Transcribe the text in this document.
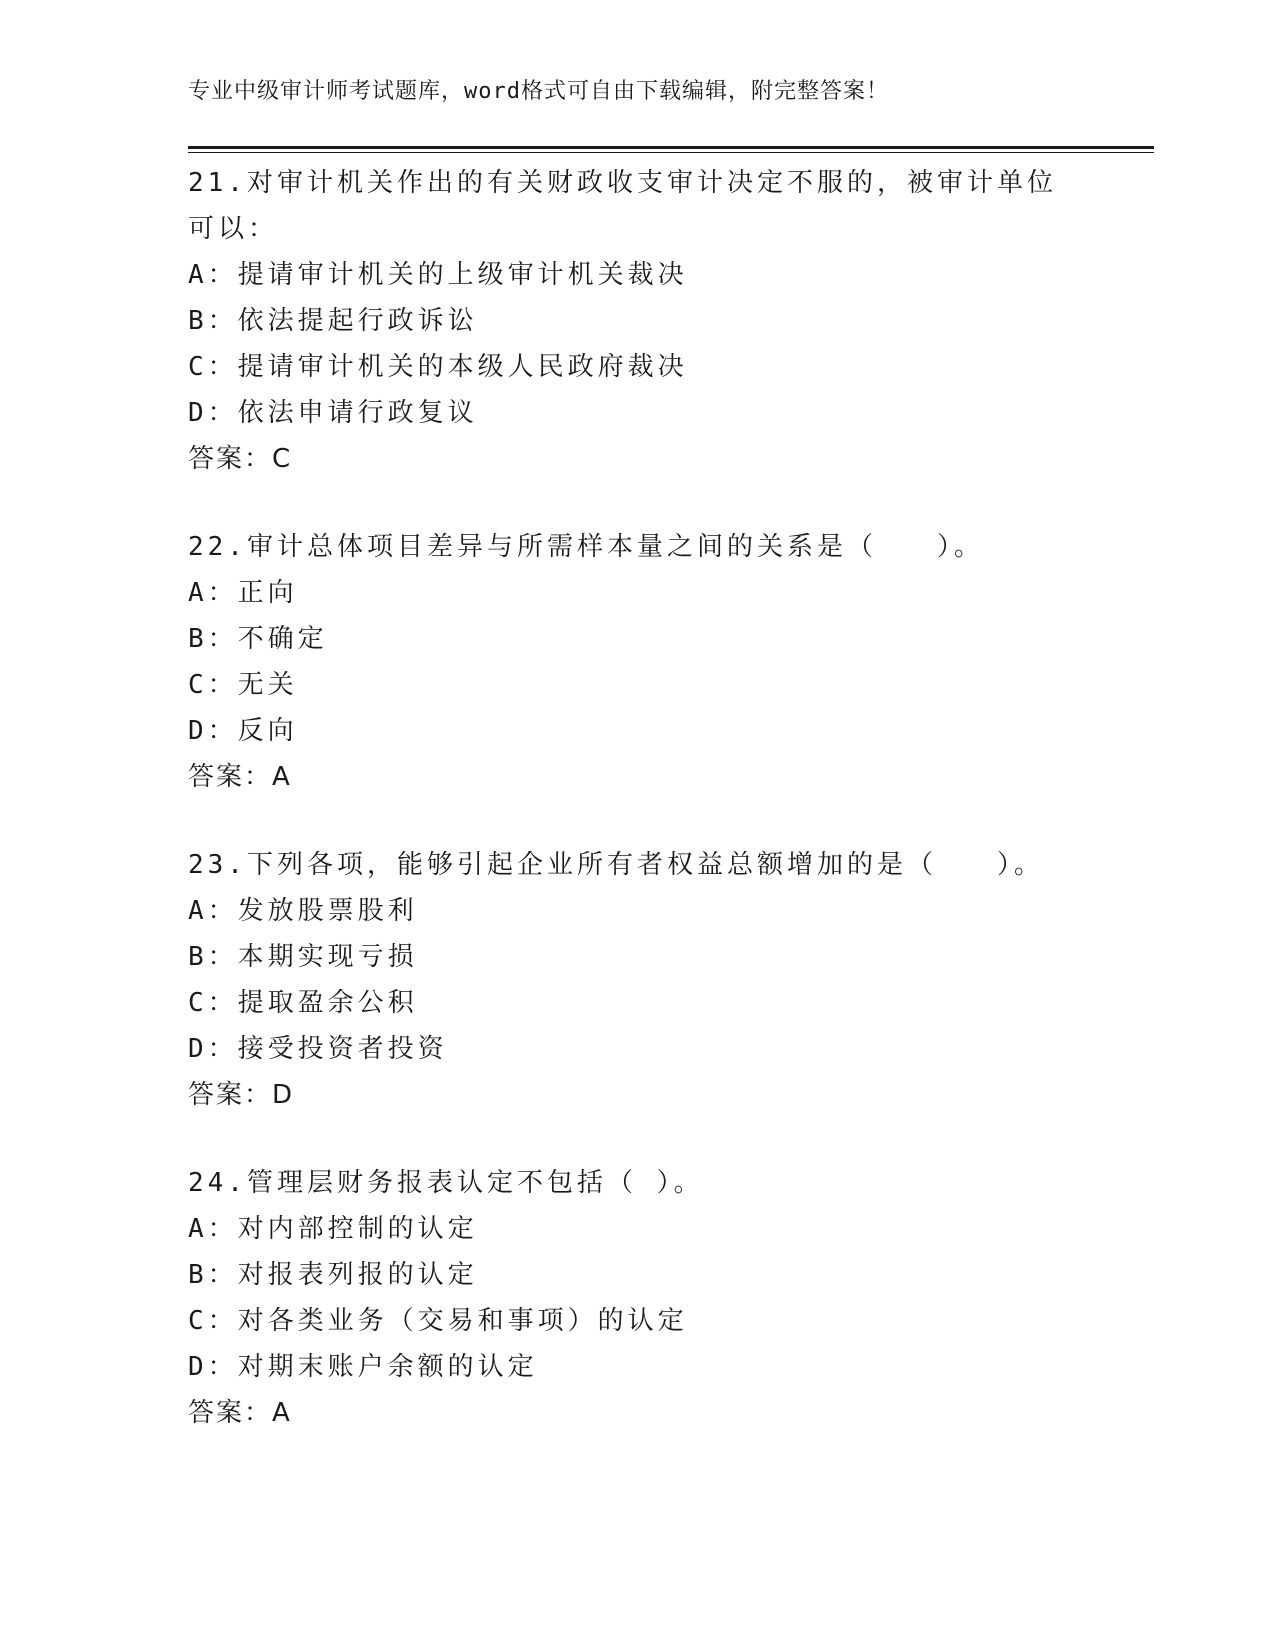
专业中级审计师考试题库，word格式可自由下载编辑，附完整答案！
21.对审计机关作出的有关财政收支审计决定不服的，被审计单位可以：
A：提请审计机关的上级审计机关裁决
B：依法提起行政诉讼
C：提请审计机关的本级人民政府裁决
D：依法申请行政复议
答案：C
22.审计总体项目差异与所需样本量之间的关系是（　　）。
A：正向
B：不确定
C：无关
D：反向
答案：A
23.下列各项，能够引起企业所有者权益总额增加的是（　　）。
A：发放股票股利
B：本期实现亏损
C：提取盈余公积
D：接受投资者投资
答案：D
24.管理层财务报表认定不包括（ ）。
A：对内部控制的认定
B：对报表列报的认定
C：对各类业务（交易和事项）的认定
D：对期末账户余额的认定
答案：A
